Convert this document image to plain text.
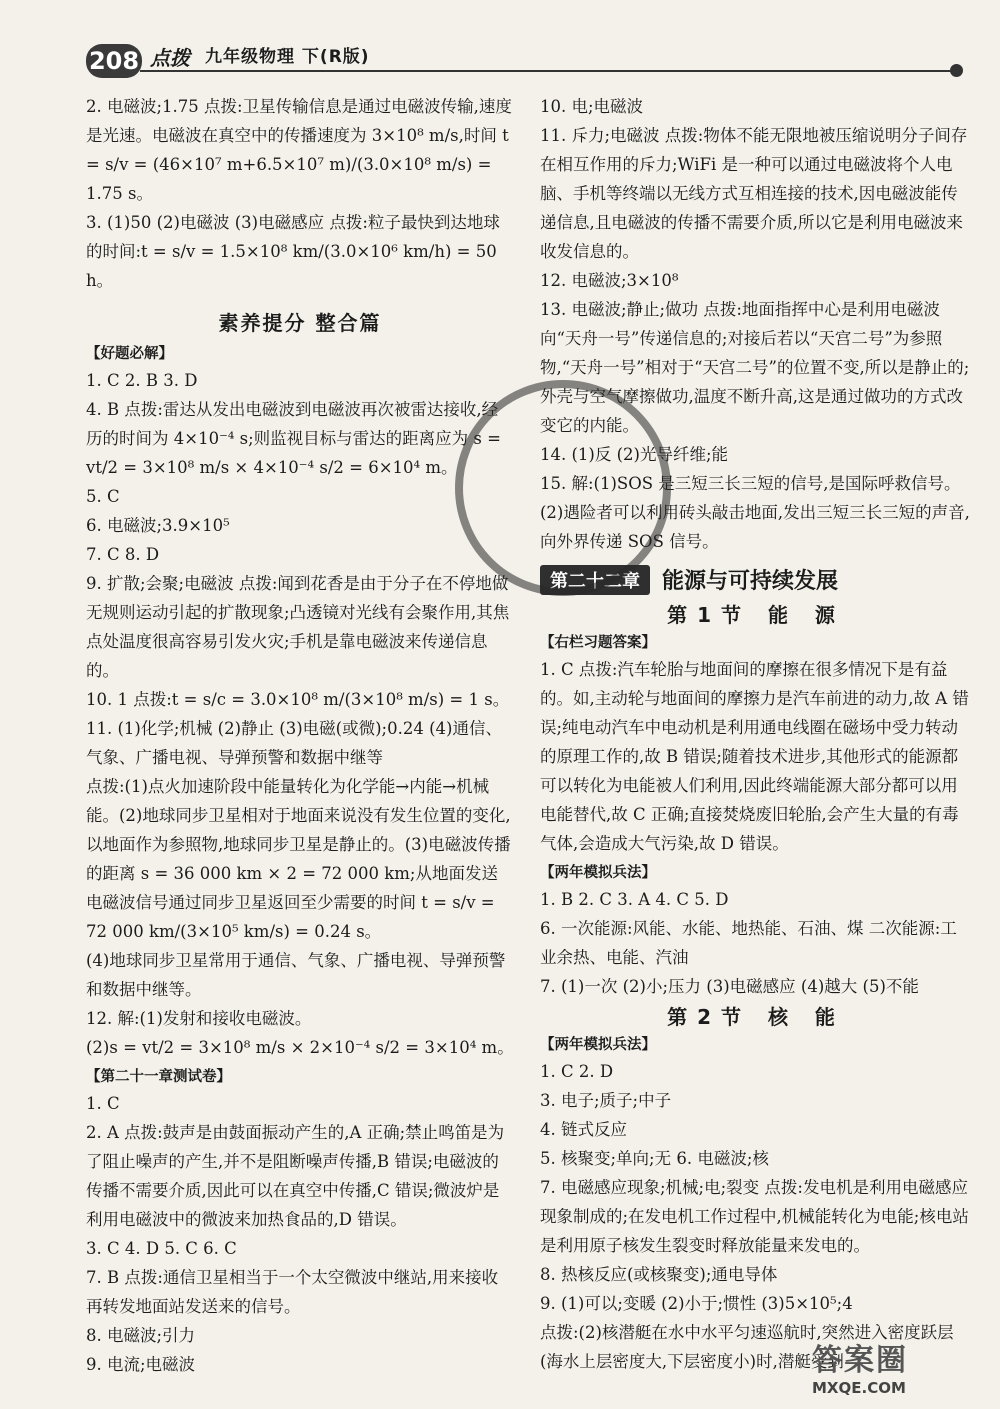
208 点拨 九年级物理 下(R版)
2. 电磁波;1.75 点拨:卫星传输信息是通过电磁波传输,速度是光速。电磁波在真空中的传播速度为 3×10⁸ m/s,时间 t = s/v = (46×10⁷ m+6.5×10⁷ m)/(3.0×10⁸ m/s) = 1.75 s。
3. (1)50 (2)电磁波 (3)电磁感应 点拨:粒子最快到达地球的时间:t = s/v = 1.5×10⁸ km/(3.0×10⁶ km/h) = 50 h。
素养提分 整合篇
【好题必解】
1. C 2. B 3. D
4. B 点拨:雷达从发出电磁波到电磁波再次被雷达接收,经历的时间为 4×10⁻⁴ s;则监视目标与雷达的距离应为 s = vt/2 = 3×10⁸ m/s × 4×10⁻⁴ s/2 = 6×10⁴ m。
5. C
6. 电磁波;3.9×10⁵
7. C 8. D
9. 扩散;会聚;电磁波 点拨:闻到花香是由于分子在不停地做无规则运动引起的扩散现象;凸透镜对光线有会聚作用,其焦点处温度很高容易引发火灾;手机是靠电磁波来传递信息的。
10. 1 点拨:t = s/c = 3.0×10⁸ m/(3×10⁸ m/s) = 1 s。
11. (1)化学;机械 (2)静止 (3)电磁(或微);0.24 (4)通信、气象、广播电视、导弹预警和数据中继等
点拨:(1)点火加速阶段中能量转化为化学能→内能→机械能。(2)地球同步卫星相对于地面来说没有发生位置的变化,以地面作为参照物,地球同步卫星是静止的。(3)电磁波传播的距离 s = 36 000 km × 2 = 72 000 km;从地面发送电磁波信号通过同步卫星返回至少需要的时间 t = s/v = 72 000 km/(3×10⁵ km/s) = 0.24 s。
(4)地球同步卫星常用于通信、气象、广播电视、导弹预警和数据中继等。
12. 解:(1)发射和接收电磁波。
(2)s = vt/2 = 3×10⁸ m/s × 2×10⁻⁴ s/2 = 3×10⁴ m。
【第二十一章测试卷】
1. C
2. A 点拨:鼓声是由鼓面振动产生的,A 正确;禁止鸣笛是为了阻止噪声的产生,并不是阻断噪声传播,B 错误;电磁波的传播不需要介质,因此可以在真空中传播,C 错误;微波炉是利用电磁波中的微波来加热食品的,D 错误。
3. C 4. D 5. C 6. C
7. B 点拨:通信卫星相当于一个太空微波中继站,用来接收再转发地面站发送来的信号。
8. 电磁波;引力
9. 电流;电磁波
10. 电;电磁波
11. 斥力;电磁波 点拨:物体不能无限地被压缩说明分子间存在相互作用的斥力;WiFi 是一种可以通过电磁波将个人电脑、手机等终端以无线方式互相连接的技术,因电磁波能传递信息,且电磁波的传播不需要介质,所以它是利用电磁波来收发信息的。
12. 电磁波;3×10⁸
13. 电磁波;静止;做功 点拨:地面指挥中心是利用电磁波向“天舟一号”传递信息的;对接后若以“天宫二号”为参照物,“天舟一号”相对于“天宫二号”的位置不变,所以是静止的;外壳与空气摩擦做功,温度不断升高,这是通过做功的方式改变它的内能。
14. (1)反 (2)光导纤维;能
15. 解:(1)SOS 是三短三长三短的信号,是国际呼救信号。(2)遇险者可以利用砖头敲击地面,发出三短三长三短的声音,向外界传递 SOS 信号。
第二十二章	能源与可持续发展
第1节 能 源
【右栏习题答案】
1. C 点拨:汽车轮胎与地面间的摩擦在很多情况下是有益的。如,主动轮与地面间的摩擦力是汽车前进的动力,故 A 错误;纯电动汽车中电动机是利用通电线圈在磁场中受力转动的原理工作的,故 B 错误;随着技术进步,其他形式的能源都可以转化为电能被人们利用,因此终端能源大部分都可以用电能替代,故 C 正确;直接焚烧废旧轮胎,会产生大量的有毒气体,会造成大气污染,故 D 错误。
【两年模拟兵法】
1. B 2. C 3. A 4. C 5. D
6. 一次能源:风能、水能、地热能、石油、煤 二次能源:工业余热、电能、汽油
7. (1)一次 (2)小;压力 (3)电磁感应 (4)越大 (5)不能
第2节 核 能
【两年模拟兵法】
1. C 2. D
3. 电子;质子;中子
4. 链式反应
5. 核聚变;单向;无 6. 电磁波;核
7. 电磁感应现象;机械;电;裂变 点拨:发电机是利用电磁感应现象制成的;在发电机工作过程中,机械能转化为电能;核电站是利用原子核发生裂变时释放能量来发电的。
8. 热核反应(或核聚变);通电导体
9. (1)可以;变暖 (2)小于;惯性 (3)5×10⁵;4
点拨:(2)核潜艇在水中水平匀速巡航时,突然进入密度跃层(海水上层密度大,下层密度小)时,潜艇受到
答案圈
MXQE.COM
